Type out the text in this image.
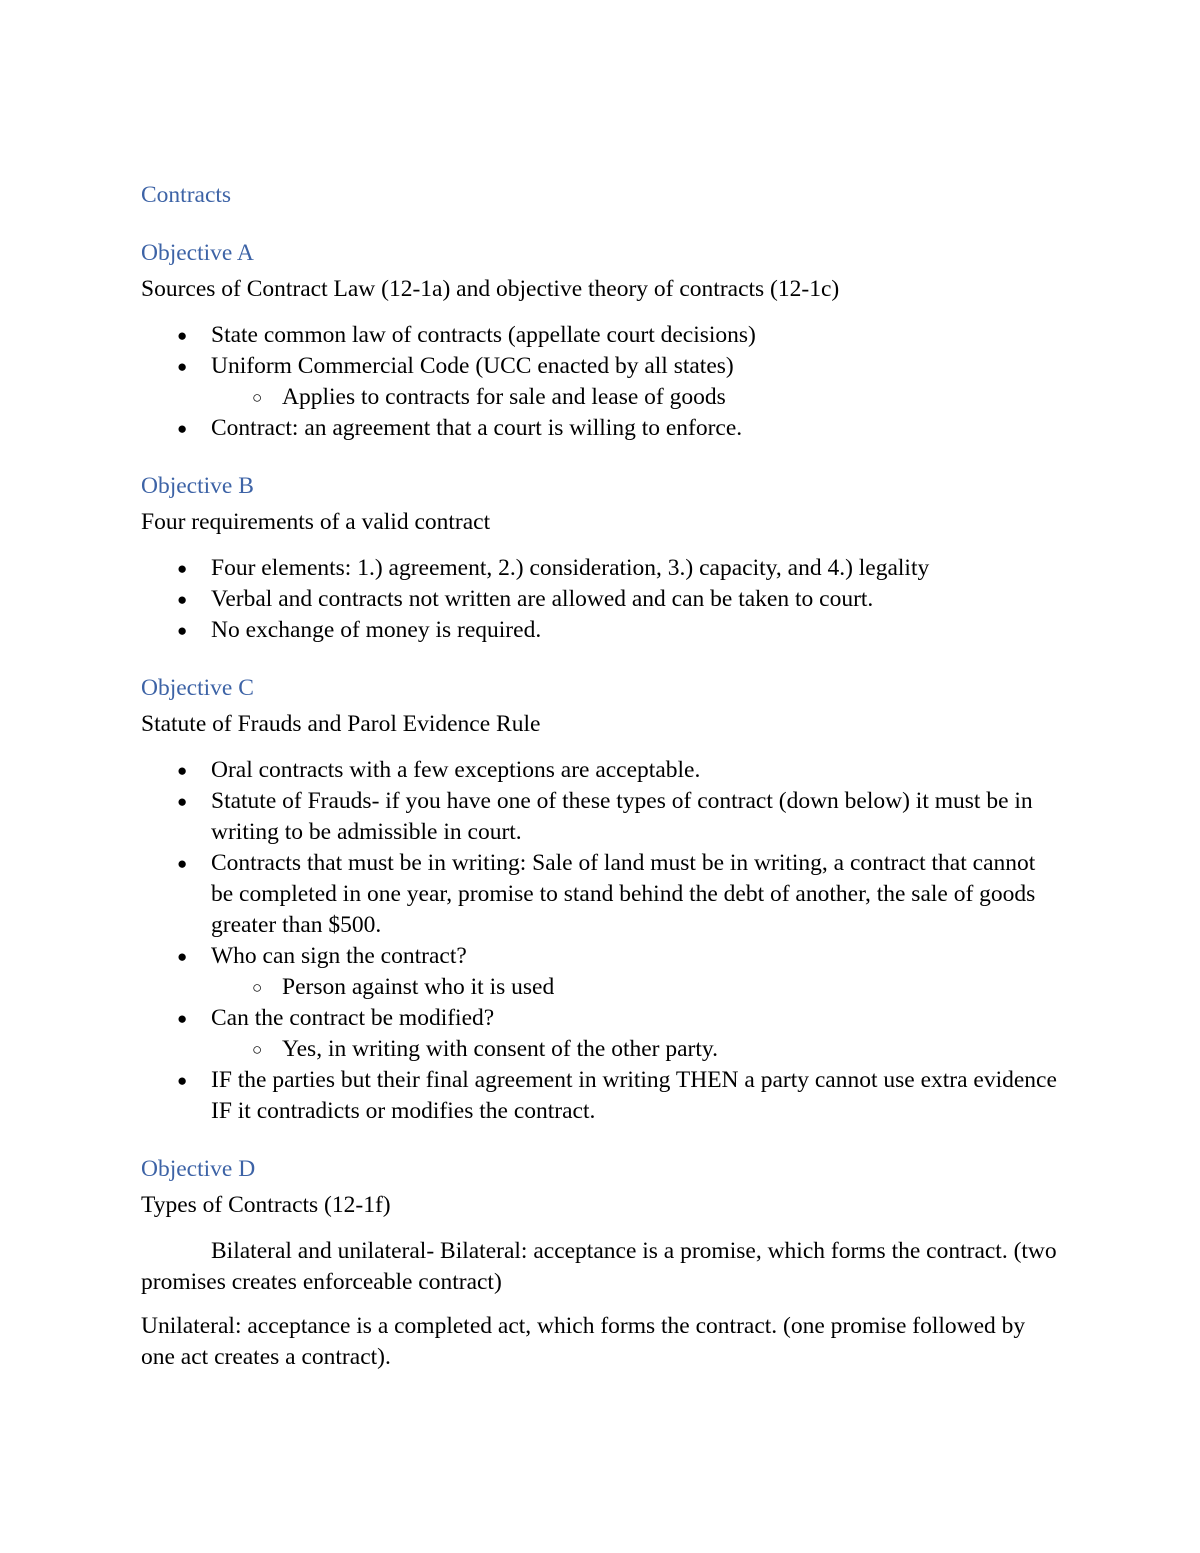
Contracts
Objective A

Sources of Contract Law (12-1a) and objective theory of contracts (12-1c)

● State common law of contracts (appellate court decisions)
● Uniform Commercial Code (UCC enacted by all states)
○ Applies to contracts for sale and lease of goods
● Contract: an agreement that a court is willing to enforce.
Objective B

Four requirements of a valid contract

● Four elements: 1.) agreement, 2.) consideration, 3.) capacity, and 4.) legality
● Verbal and contracts not written are allowed and can be taken to court.
● No exchange of money is required.
Objective C

Statute of Frauds and Parol Evidence Rule

● Oral contracts with a few exceptions are acceptable.
● Statute of Frauds- if you have one of these types of contract (down below) it must be in writing to be admissible in court.
● Contracts that must be in writing: Sale of land must be in writing, a contract that cannot be completed in one year, promise to stand behind the debt of another, the sale of goods greater than $500.
● Who can sign the contract?
○ Person against who it is used
● Can the contract be modified?
○ Yes, in writing with consent of the other party.
● IF the parties but their final agreement in writing THEN a party cannot use extra evidence IF it contradicts or modifies the contract.
Objective D

Types of Contracts (12-1f)

Bilateral and unilateral- Bilateral: acceptance is a promise, which forms the contract. (two promises creates enforceable contract)

Unilateral: acceptance is a completed act, which forms the contract. (one promise followed by one act creates a contract).
